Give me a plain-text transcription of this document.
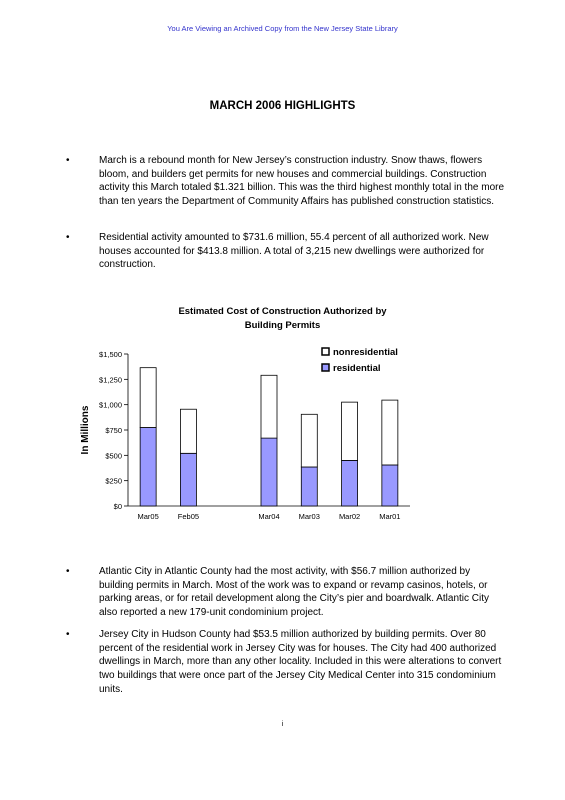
You Are Viewing an Archived Copy from the New Jersey State Library
MARCH 2006 HIGHLIGHTS
•	March is a rebound month for New Jersey’s construction industry. Snow thaws, flowers bloom, and builders get permits for new houses and commercial buildings. Construction activity this March totaled $1.321 billion. This was the third highest monthly total in the more than ten years the Department of Community Affairs has published construction statistics.
•	Residential activity amounted to $731.6 million, 55.4 percent of all authorized work. New houses accounted for $413.8 million. A total of 3,215 new dwellings were authorized for construction.
Estimated Cost of Construction Authorized by
Building Permits
In Millions
$0
$250
$500
$750
$1,000
$1,250
$1,500
Mar05	Feb05	Mar04	Mar03	Mar02	Mar01
nonresidential
residential
•	Atlantic City in Atlantic County had the most activity, with $56.7 million authorized by building permits in March. Most of the work was to expand or revamp casinos, hotels, or parking areas, or for retail development along the City’s pier and boardwalk. Atlantic City also reported a new 179-unit condominium project.
•	Jersey City in Hudson County had $53.5 million authorized by building permits. Over 80 percent of the residential work in Jersey City was for houses. The City had 400 authorized dwellings in March, more than any other locality. Included in this were alterations to convert two buildings that were once part of the Jersey City Medical Center into 315 condominium units.
i
